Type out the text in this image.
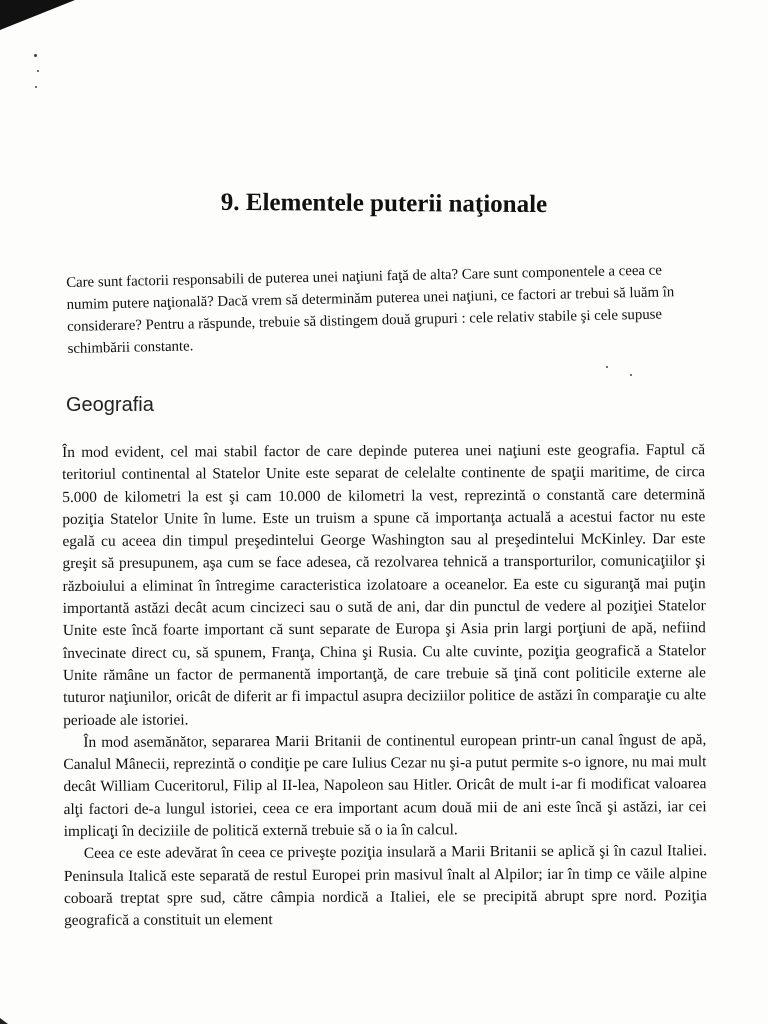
9. Elementele puterii naţionale

Care sunt factorii responsabili de puterea unei naţiuni faţă de alta? Care sunt componentele a ceea ce numim putere naţională? Dacă vrem să determinăm puterea unei naţiuni, ce factori ar trebui să luăm în considerare? Pentru a răspunde, trebuie să distingem două grupuri : cele relativ stabile şi cele supuse schimbării constante.

Geografia

În mod evident, cel mai stabil factor de care depinde puterea unei naţiuni este geografia. Faptul că teritoriul continental al Statelor Unite este separat de celelalte continente de spaţii maritime, de circa 5.000 de kilometri la est şi cam 10.000 de kilometri la vest, reprezintă o constantă care determină poziţia Statelor Unite în lume. Este un truism a spune că importanţa actuală a acestui factor nu este egală cu aceea din timpul preşedintelui George Washington sau al preşedintelui McKinley. Dar este greşit să presupunem, aşa cum se face adesea, că rezolvarea tehnică a transporturilor, comunicaţiilor şi războiului a eliminat în întregime caracteristica izolatoare a oceanelor. Ea este cu siguranţă mai puţin importantă astăzi decât acum cincizeci sau o sută de ani, dar din punctul de vedere al poziţiei Statelor Unite este încă foarte important că sunt separate de Europa şi Asia prin largi porţiuni de apă, nefiind învecinate direct cu, să spunem, Franţa, China şi Rusia. Cu alte cuvinte, poziţia geografică a Statelor Unite rămâne un factor de permanentă importanţă, de care trebuie să ţină cont politicile externe ale tuturor naţiunilor, oricât de diferit ar fi impactul asupra deciziilor politice de astăzi în comparaţie cu alte perioade ale istoriei.

În mod asemănător, separarea Marii Britanii de continentul european printr-un canal îngust de apă, Canalul Mânecii, reprezintă o condiţie pe care Iulius Cezar nu şi-a putut permite s-o ignore, nu mai mult decât William Cuceritorul, Filip al II-lea, Napoleon sau Hitler. Oricât de mult i-ar fi modificat valoarea alţi factori de-a lungul istoriei, ceea ce era important acum două mii de ani este încă şi astăzi, iar cei implicaţi în deciziile de politică externă trebuie să o ia în calcul.

Ceea ce este adevărat în ceea ce priveşte poziţia insulară a Marii Britanii se aplică şi în cazul Italiei. Peninsula Italică este separată de restul Europei prin masivul înalt al Alpilor; iar în timp ce văile alpine coboară treptat spre sud, către câmpia nordică a Italiei, ele se precipită abrupt spre nord. Poziţia geografică a constituit un element
